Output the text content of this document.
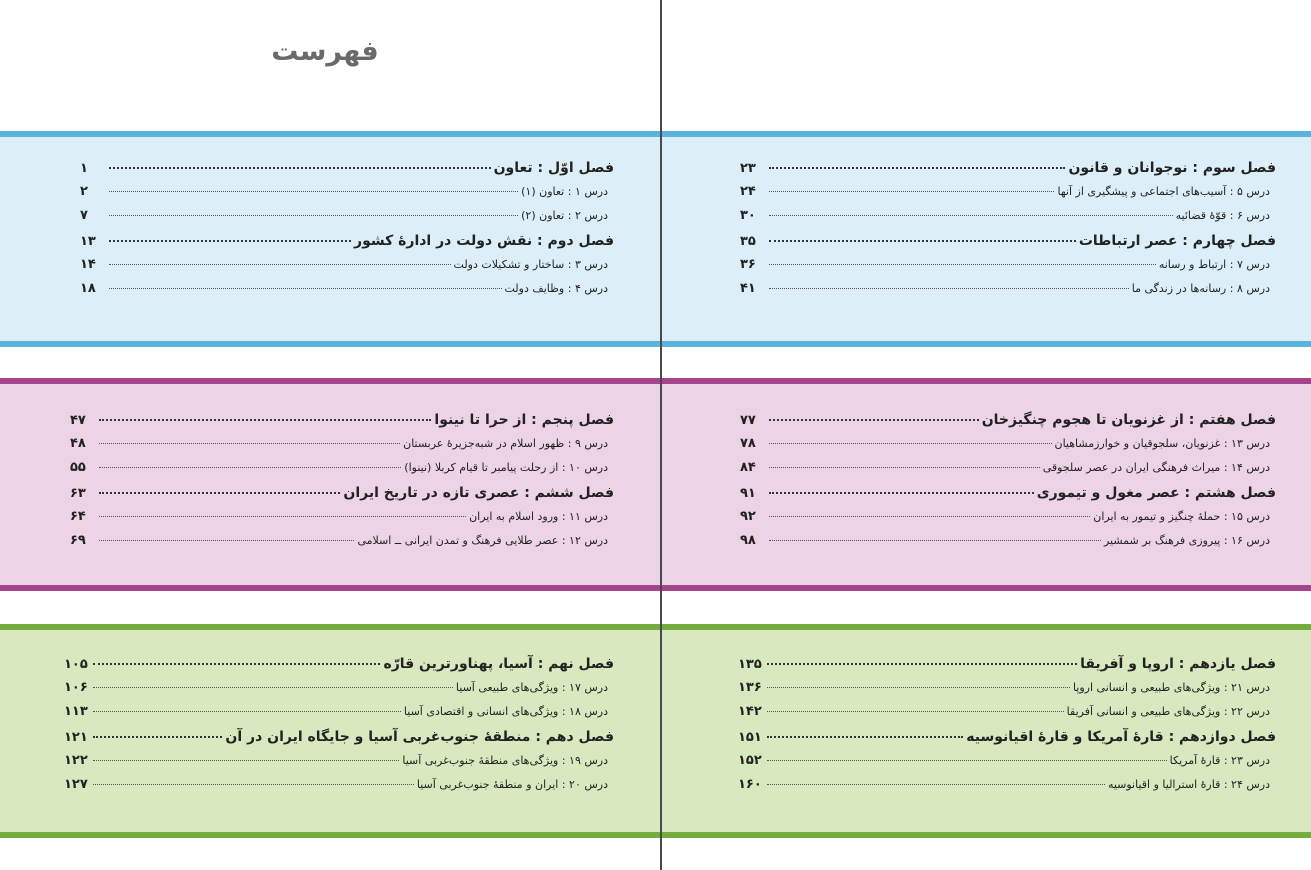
فهرست
فصل اوّل : تعاون
۱
درس ۱ : تعاون (۱)
۲
درس ۲ : تعاون (۲)
۷
فصل دوم : نقش دولت در ادارهٔ کشور
۱۳
درس ۳ : ساختار و تشکیلات دولت
۱۴
درس ۴ : وظایف دولت
۱۸
فصل سوم : نوجوانان و قانون
۲۳
درس ۵ : آسیب‌های اجتماعی و پیشگیری از آنها
۲۴
درس ۶ : قوّهٔ قضائیه
۳۰
فصل چهارم : عصر ارتباطات
۳۵
درس ۷ : ارتباط و رسانه
۳۶
درس ۸ : رسانه‌ها در زندگی ما
۴۱
فصل پنجم : از حرا تا نینوا
۴۷
درس ۹ : ظهور اسلام در شبه‌جزیرهٔ عربستان
۴۸
درس ۱۰ : از رحلت پیامبر تا قیام کربلا (نینوا)
۵۵
فصل ششم : عصری تازه در تاریخ ایران
۶۳
درس ۱۱ : ورود اسلام به ایران
۶۴
درس ۱۲ : عصر طلایی فرهنگ و تمدن ایرانی ــ اسلامی
۶۹
فصل هفتم : از غزنویان تا هجوم چنگیزخان
۷۷
درس ۱۳ : غزنویان، سلجوقیان و خوارزمشاهیان
۷۸
درس ۱۴ : میراث فرهنگی ایران در عصر سلجوقی
۸۴
فصل هشتم : عصر مغول و تیموری
۹۱
درس ۱۵ : حملهٔ چنگیز و تیمور به ایران
۹۲
درس ۱۶ : پیروزی فرهنگ بر شمشیر
۹۸
فصل نهم : آسیا، پهناورترین قارّه
۱۰۵
درس ۱۷ : ویژگی‌های طبیعی آسیا
۱۰۶
درس ۱۸ : ویژگی‌های انسانی و اقتصادی آسیا
۱۱۳
فصل دهم : منطقهٔ جنوب‌غربی آسیا و جایگاه ایران در آن
۱۲۱
درس ۱۹ : ویژگی‌های منطقهٔ جنوب‌غربی آسیا
۱۲۲
درس ۲۰ : ایران و منطقهٔ جنوب‌غربی آسیا
۱۲۷
فصل یازدهم : اروپا و آفریقا
۱۳۵
درس ۲۱ : ویژگی‌های طبیعی و انسانی اروپا
۱۳۶
درس ۲۲ : ویژگی‌های طبیعی و انسانی آفریقا
۱۴۲
فصل دوازدهم : قارهٔ آمریکا و قارهٔ اقیانوسیه
۱۵۱
درس ۲۳ : قارهٔ آمریکا
۱۵۲
درس ۲۴ : قارهٔ استرالیا و اقیانوسیه
۱۶۰
